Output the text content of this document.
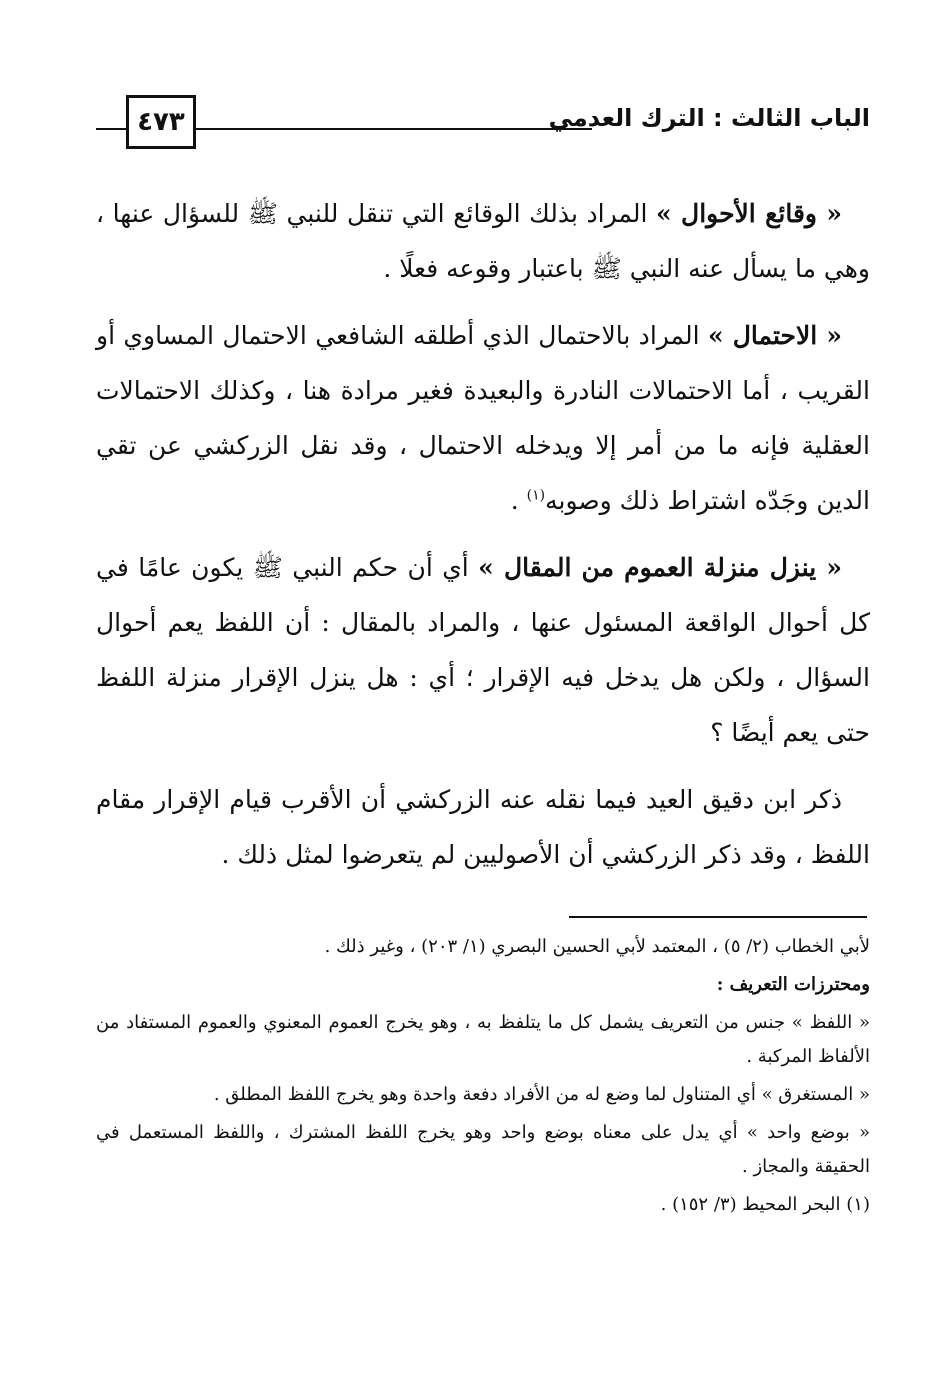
٤٧٣	الباب الثالث : الترك العدمي

« وقائع الأحوال » المراد بذلك الوقائع التي تنقل للنبي ﷺ للسؤال عنها ، وهي ما يسأل عنه النبي ﷺ باعتبار وقوعه فعلًا .

« الاحتمال » المراد بالاحتمال الذي أطلقه الشافعي الاحتمال المساوي أو القريب ، أما الاحتمالات النادرة والبعيدة فغير مرادة هنا ، وكذلك الاحتمالات العقلية فإنه ما من أمر إلا ويدخله الاحتمال ، وقد نقل الزركشي عن تقي الدين وجَدّه اشتراط ذلك وصوبه$^{(١)}$ .

« ينزل منزلة العموم من المقال » أي أن حكم النبي ﷺ يكون عامًا في كل أحوال الواقعة المسئول عنها ، والمراد بالمقال : أن اللفظ يعم أحوال السؤال ، ولكن هل يدخل فيه الإقرار ؛ أي : هل ينزل الإقرار منزلة اللفظ حتى يعم أيضًا ؟

ذكر ابن دقيق العيد فيما نقله عنه الزركشي أن الأقرب قيام الإقرار مقام اللفظ ، وقد ذكر الزركشي أن الأصوليين لم يتعرضوا لمثل ذلك .

لأبي الخطاب (٢/ ٥) ، المعتمد لأبي الحسين البصري (١/ ٢٠٣) ، وغير ذلك .

ومحترزات التعريف :

« اللفظ » جنس من التعريف يشمل كل ما يتلفظ به ، وهو يخرج العموم المعنوي والعموم المستفاد من الألفاظ المركبة .

« المستغرق » أي المتناول لما وضع له من الأفراد دفعة واحدة وهو يخرج اللفظ المطلق .

« بوضع واحد » أي يدل على معناه بوضع واحد وهو يخرج اللفظ المشترك ، واللفظ المستعمل في الحقيقة والمجاز .

(١) البحر المحيط (٣/ ١٥٢) .
